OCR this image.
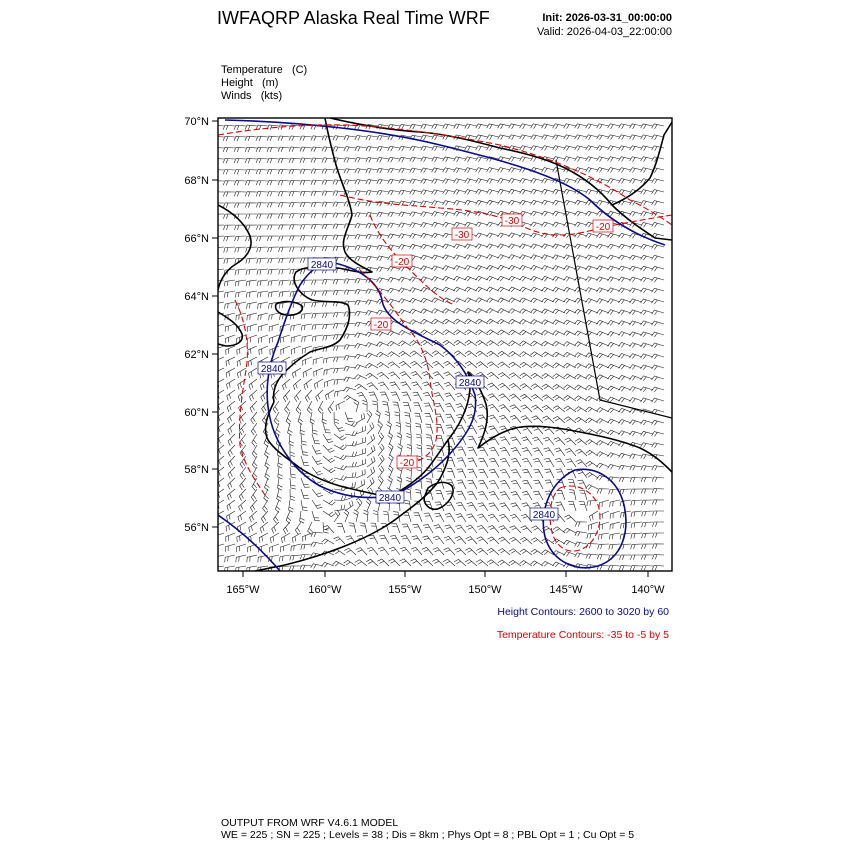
IWFAQRP Alaska Real Time WRF	Init: 2026-03-31_00:00:00
Valid: 2026-04-03_22:00:00
Temperature (C)
Height (m)
Winds (kts)
2840
2840
2840
2840
2840
-20
-30
-30
-20
-20
-20
70°N
68°N
66°N
64°N
62°N
60°N
58°N
56°N
165°W	160°W	155°W	150°W	145°W	140°W
Height Contours: 2600 to 3020 by 60
Temperature Contours: -35 to -5 by 5
OUTPUT FROM WRF V4.6.1 MODEL
WE = 225 ; SN = 225 ; Levels = 38 ; Dis = 8km ; Phys Opt = 8 ; PBL Opt = 1 ; Cu Opt = 5
